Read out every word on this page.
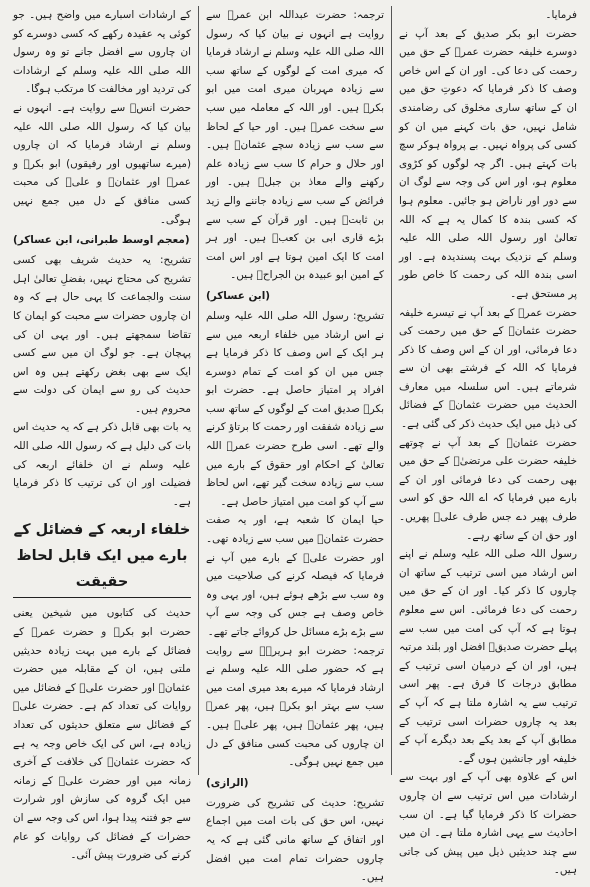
فرمایا۔

حضرت ابو بکر صدیق کے بعد آپ نے دوسرے خلیفہ حضرت عمرؓ کے حق میں رحمت کی دعا کی۔ اور ان کے اس خاص وصف کا ذکر فرمایا کہ دعوتِ حق میں ان کے ساتھ ساری مخلوق کی رضامندی شامل نہیں، حق بات کہنے میں ان کو کسی کی پرواہ نہیں۔ بے پرواہ ہوکر سچ بات کہتے ہیں۔ اگر چہ لوگوں کو کڑوی معلوم ہو، اور اس کی وجہ سے لوگ ان سے دور اور ناراض ہو جائیں۔ معلوم ہوا کہ کسی بندہ کا کمال یہ ہے کہ اللہ تعالیٰ اور رسول اللہ صلی اللہ علیہ وسلم کے نزدیک بہت پسندیدہ ہے۔ اور اسی بندہ اللہ کی رحمت کا خاص طور پر مستحق ہے۔

حضرت عمرؓ کے بعد آپ نے تیسرے خلیفہ حضرت عثمانؓ کے حق میں رحمت کی دعا فرمائی، اور ان کے اس وصف کا ذکر فرمایا کہ اللہ کے فرشتے بھی ان سے شرماتے ہیں۔ اس سلسلہ میں معارف الحدیث میں حضرت عثمانؓ کے فضائل کی ذیل میں ایک حدیث ذکر کی گئی ہے۔

حضرت عثمانؓ کے بعد آپ نے چوتھے خلیفہ حضرت علی مرتضیٰؓ کے حق میں بھی رحمت کی دعا فرمائی اور ان کے بارے میں فرمایا کہ اے اللہ حق کو اسی طرف پھیر دے جس طرف علیؓ پھریں۔ اور حق ان کے ساتھ رہے۔

رسول اللہ صلی اللہ علیہ وسلم نے اپنے اس ارشاد میں اسی ترتیب کے ساتھ ان چاروں کا ذکر کیا۔ اور ان کے حق میں رحمت کی دعا فرمائی۔ اس سے معلوم ہوتا ہے کہ آپ کی امت میں سب سے پہلے حضرت صدیقؓ افضل اور بلند مرتبہ ہیں، اور ان کے درمیان اسی ترتیب کے مطابق درجات کا فرق ہے۔ پھر اسی ترتیب سے یہ اشارہ ملتا ہے کہ آپ کے بعد یہ چاروں حضرات اسی ترتیب کے مطابق آپ کے بعد یکے بعد دیگرے آپ کے خلیفہ اور جانشین ہوں گے۔

اس کے علاوہ بھی آپ کے اور بہت سے ارشادات میں اس ترتیب سے ان چاروں حضرات کا ذکر فرمایا گیا ہے۔ ان سب احادیث سے یہی اشارہ ملتا ہے۔ ان میں سے چند حدیثیں ذیل میں پیش کی جاتی ہیں۔

ترجمہ: حضرت عبداللہ ابن عمرؓ سے روایت ہے انہوں نے بیان کیا کہ رسول اللہ صلی اللہ علیہ وسلم نے ارشاد فرمایا کہ میری امت کے لوگوں کے ساتھ سب سے زیادہ مہربان میری امت میں ابو بکرؓ ہیں۔ اور اللہ کے معاملہ میں سب سے سخت عمرؓ ہیں۔ اور حیا کے لحاظ سے سب سے زیادہ سچے عثمانؓ ہیں۔ اور حلال و حرام کا سب سے زیادہ علم رکھنے والے معاذ بن جبلؓ ہیں۔ اور فرائض کے سب سے زیادہ جاننے والے زید بن ثابتؓ ہیں۔ اور قرآن کے سب سے بڑے قاری ابی بن کعبؓ ہیں۔ اور ہر امت کا ایک امین ہوتا ہے اور اس امت کے امین ابو عبیدہ بن الجراحؓ ہیں۔

(ابن عساکر)

تشریح: رسول اللہ صلی اللہ علیہ وسلم نے اس ارشاد میں خلفاء اربعہ میں سے ہر ایک کے اس وصف کا ذکر فرمایا ہے جس میں ان کو امت کے تمام دوسرے افراد پر امتیاز حاصل ہے۔ حضرت ابو بکرؓ صدیق امت کے لوگوں کے ساتھ سب سے زیادہ شفقت اور رحمت کا برتاؤ کرنے والے تھے۔ اسی طرح حضرت عمرؓ اللہ تعالیٰ کے احکام اور حقوق کے بارے میں سب سے زیادہ سخت گیر تھے، اس لحاظ سے آپ کو امت میں امتیاز حاصل ہے۔

حیا ایمان کا شعبہ ہے، اور یہ صفت حضرت عثمانؓ میں سب سے زیادہ تھی۔ اور حضرت علیؓ کے بارے میں آپ نے فرمایا کہ فیصلہ کرنے کی صلاحیت میں وہ سب سے بڑھے ہوئے ہیں، اور یہی وہ خاص وصف ہے جس کی وجہ سے آپ سے بڑے بڑے مسائل حل کروائے جاتے تھے۔

ترجمہ: حضرت ابو ہریرہؓ سے روایت ہے کہ حضور صلی اللہ علیہ وسلم نے ارشاد فرمایا کہ میرے بعد میری امت میں سب سے بہتر ابو بکرؓ ہیں، پھر عمرؓ ہیں، پھر عثمانؓ ہیں، پھر علیؓ ہیں۔ ان چاروں کی محبت کسی منافق کے دل میں جمع نہیں ہوگی۔

(الرازی)

تشریح: حدیث کی تشریح کی ضرورت نہیں، اس حق کی بات امت میں اجماع اور اتفاق کے ساتھ مانی گئی ہے کہ یہ چاروں حضرات تمام امت میں افضل ہیں۔

کے ارشادات اسبارے میں واضح ہیں۔ جو کوئی یہ عقیدہ رکھے کہ کسی دوسرے کو ان چاروں سے افضل جانے تو وہ رسول اللہ صلی اللہ علیہ وسلم کے ارشادات کی تردید اور مخالفت کا مرتکب ہوگا۔

حضرت انسؓ سے روایت ہے۔ انہوں نے بیان کیا کہ رسول اللہ صلی اللہ علیہ وسلم نے ارشاد فرمایا کہ ان چاروں (میرے ساتھیوں اور رفیقوں) ابو بکرؓ و عمرؓ اور عثمانؓ و علیؓ کی محبت کسی منافق کے دل میں جمع نہیں ہوگی۔

(معجم اوسط طبرانی، ابن عساکر)

تشریح: یہ حدیث شریف بھی کسی تشریح کی محتاج نہیں، بفضلِ تعالیٰ اہل سنت والجماعت کا یہی حال ہے کہ وہ ان چاروں حضرات سے محبت کو ایمان کا تقاضا سمجھتے ہیں۔ اور یہی ان کی پہچان ہے۔ جو لوگ ان میں سے کسی ایک سے بھی بغض رکھتے ہیں وہ اس حدیث کی رو سے ایمان کی دولت سے محروم ہیں۔

یہ بات بھی قابل ذکر ہے کہ یہ حدیث اس بات کی دلیل ہے کہ رسول اللہ صلی اللہ علیہ وسلم نے ان خلفائے اربعہ کی فضیلت اور ان کی ترتیب کا ذکر فرمایا ہے۔

خلفاء اربعہ کے فضائل کے بارے میں ایک قابل لحاظ حقیقت

حدیث کی کتابوں میں شیخین یعنی حضرت ابو بکرؓ و حضرت عمرؓ کے فضائل کے بارے میں بہت زیادہ حدیثیں ملتی ہیں، ان کے مقابلہ میں حضرت عثمانؓ اور حضرت علیؓ کے فضائل میں روایات کی تعداد کم ہے۔ حضرت علیؓ کے فضائل سے متعلق حدیثوں کی تعداد زیادہ ہے، اس کی ایک خاص وجہ یہ ہے کہ حضرت عثمانؓ کی خلافت کے آخری زمانہ میں اور حضرت علیؓ کے زمانہ میں ایک گروہ کی سازش اور شرارت سے جو فتنہ پیدا ہوا، اس کی وجہ سے ان حضرات کے فضائل کی روایات کو عام کرنے کی ضرورت پیش آئی۔
